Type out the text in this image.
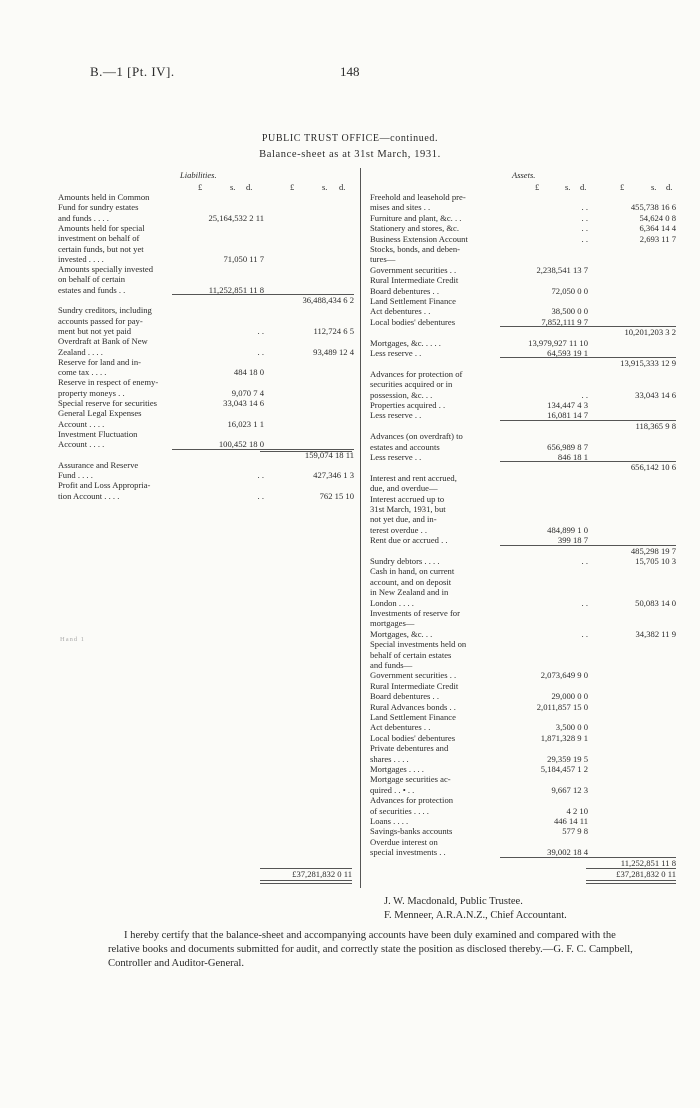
B.—1 [Pt. IV].	148
PUBLIC TRUST OFFICE—continued.
Balance-sheet as at 31st March, 1931.
Liabilities.
£	s. d.	£	s. d.
Amounts held in Common
Fund for sundry estates
and funds . . . .	25,164,532 2 11
Amounts held for special
investment on behalf of
certain funds, but not yet
invested . . . .	71,050 11 7
Amounts specially invested
on behalf of certain
estates and funds . .	11,252,851 11 8
36,488,434 6 2
Sundry creditors, including
accounts passed for pay-
ment but not yet paid	. .	112,724 6 5
Overdraft at Bank of New
Zealand . . . .	. .	93,489 12 4
Reserve for land and in-
come tax . . . .	484 18 0
Reserve in respect of enemy-
property moneys . .	9,070 7 4
Special reserve for securities	33,043 14 6
General Legal Expenses
Account . . . .	16,023 1 1
Investment Fluctuation
Account . . . .	100,452 18 0
159,074 18 11
Assurance and Reserve
Fund . . . .	. .	427,346 1 3
Profit and Loss Appropria-
tion Account . . . .	. .	762 15 10
£37,281,832 0 11
Hand 1
Assets.
£	s. d.	£	s. d.
Freehold and leasehold pre-
mises and sites . .	. .	455,738 16 6
Furniture and plant, &c. . .	. .	54,624 0 8
Stationery and stores, &c.	. .	6,364 14 4
Business Extension Account	. .	2,693 11 7
Stocks, bonds, and deben-
tures—
Government securities . .	2,238,541 13 7
Rural Intermediate Credit
Board debentures . .	72,050 0 0
Land Settlement Finance
Act debentures . .	38,500 0 0
Local bodies' debentures	7,852,111 9 7
10,201,203 3 2
Mortgages, &c. . . . .	13,979,927 11 10
Less reserve . .	64,593 19 1
13,915,333 12 9
Advances for protection of
securities acquired or in
possession, &c. . .	. .	33,043 14 6
Properties acquired . .	134,447 4 3
Less reserve . .	16,081 14 7
118,365 9 8
Advances (on overdraft) to
estates and accounts	656,989 8 7
Less reserve . .	846 18 1
656,142 10 6
Interest and rent accrued,
due, and overdue—
Interest accrued up to
31st March, 1931, but
not yet due, and in-
terest overdue . .	484,899 1 0
Rent due or accrued . .	399 18 7
485,298 19 7
Sundry debtors . . . .	. .	15,705 10 3
Cash in hand, on current
account, and on deposit
in New Zealand and in
London . . . .	. .	50,083 14 0
Investments of reserve for
mortgages—
Mortgages, &c. . .	. .	34,382 11 9
Special investments held on
behalf of certain estates
and funds—
Government securities . .	2,073,649 9 0
Rural Intermediate Credit
Board debentures . .	29,000 0 0
Rural Advances bonds . .	2,011,857 15 0
Land Settlement Finance
Act debentures . .	3,500 0 0
Local bodies' debentures	1,871,328 9 1
Private debentures and
shares . . . .	29,359 19 5
Mortgages . . . .	5,184,457 1 2
Mortgage securities ac-
quired . . • . .	9,667 12 3
Advances for protection
of securities . . . .	4 2 10
Loans . . . .	446 14 11
Savings-banks accounts	577 9 8
Overdue interest on
special investments . .	39,002 18 4
11,252,851 11 8
£37,281,832 0 11
J. W. Macdonald, Public Trustee.
F. Menneer, A.R.A.N.Z., Chief Accountant.
I hereby certify that the balance-sheet and accompanying accounts have been duly examined and compared with the relative books and documents submitted for audit, and correctly state the position as disclosed thereby.—G. F. C. Campbell, Controller and Auditor-General.
